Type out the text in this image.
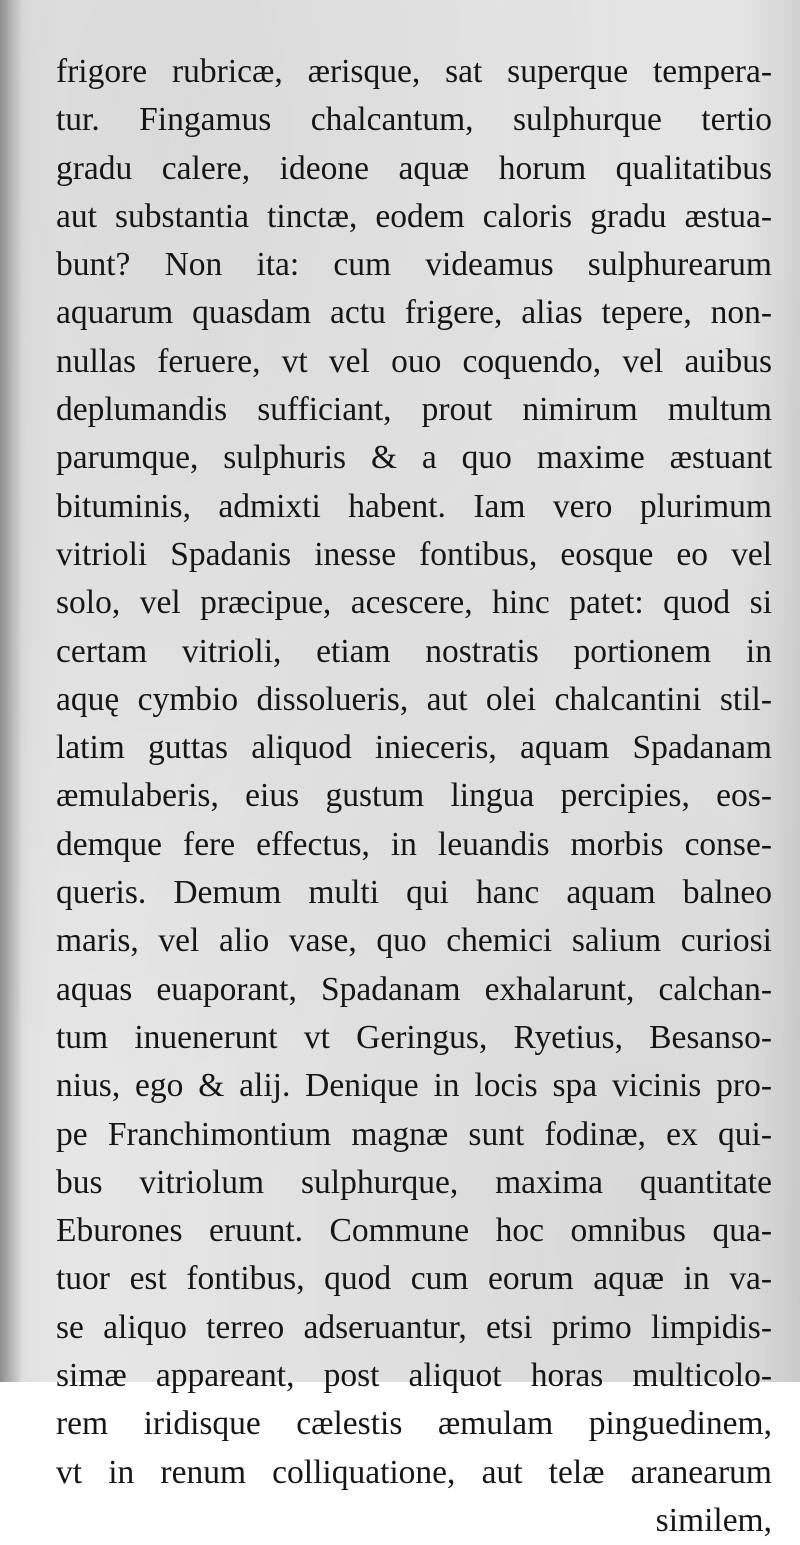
frigore rubricæ, ærisque, sat superque tempera-
tur. Fingamus chalcantum, sulphurque tertio
gradu calere, ideone aquæ horum qualitatibus
aut substantia tinctæ, eodem caloris gradu æstua-
bunt? Non ita: cum videamus sulphurearum
aquarum quasdam actu frigere, alias tepere, non-
nullas feruere, vt vel ouo coquendo, vel auibus
deplumandis sufficiant, prout nimirum multum
parumque, sulphuris & a quo maxime æstuant
bituminis, admixti habent. Iam vero plurimum
vitrioli Spadanis inesse fontibus, eosque eo vel
solo, vel præcipue, acescere, hinc patet: quod si
certam vitrioli, etiam nostratis portionem in
aquę cymbio dissolueris, aut olei chalcantini stil-
latim guttas aliquod inieceris, aquam Spadanam
æmulaberis, eius gustum lingua percipies, eos-
demque fere effectus, in leuandis morbis conse-
queris. Demum multi qui hanc aquam balneo
maris, vel alio vase, quo chemici salium curiosi
aquas euaporant, Spadanam exhalarunt, calchan-
tum inuenerunt vt Geringus, Ryetius, Besanso-
nius, ego & alij. Denique in locis spa vicinis pro-
pe Franchimontium magnæ sunt fodinæ, ex qui-
bus vitriolum sulphurque, maxima quantitate
Eburones eruunt. Commune hoc omnibus qua-
tuor est fontibus, quod cum eorum aquæ in va-
se aliquo terreo adseruantur, etsi primo limpidis-
simæ appareant, post aliquot horas multicolo-
rem iridisque cælestis æmulam pinguedinem,
vt in renum colliquatione, aut telæ aranearum
similem,
